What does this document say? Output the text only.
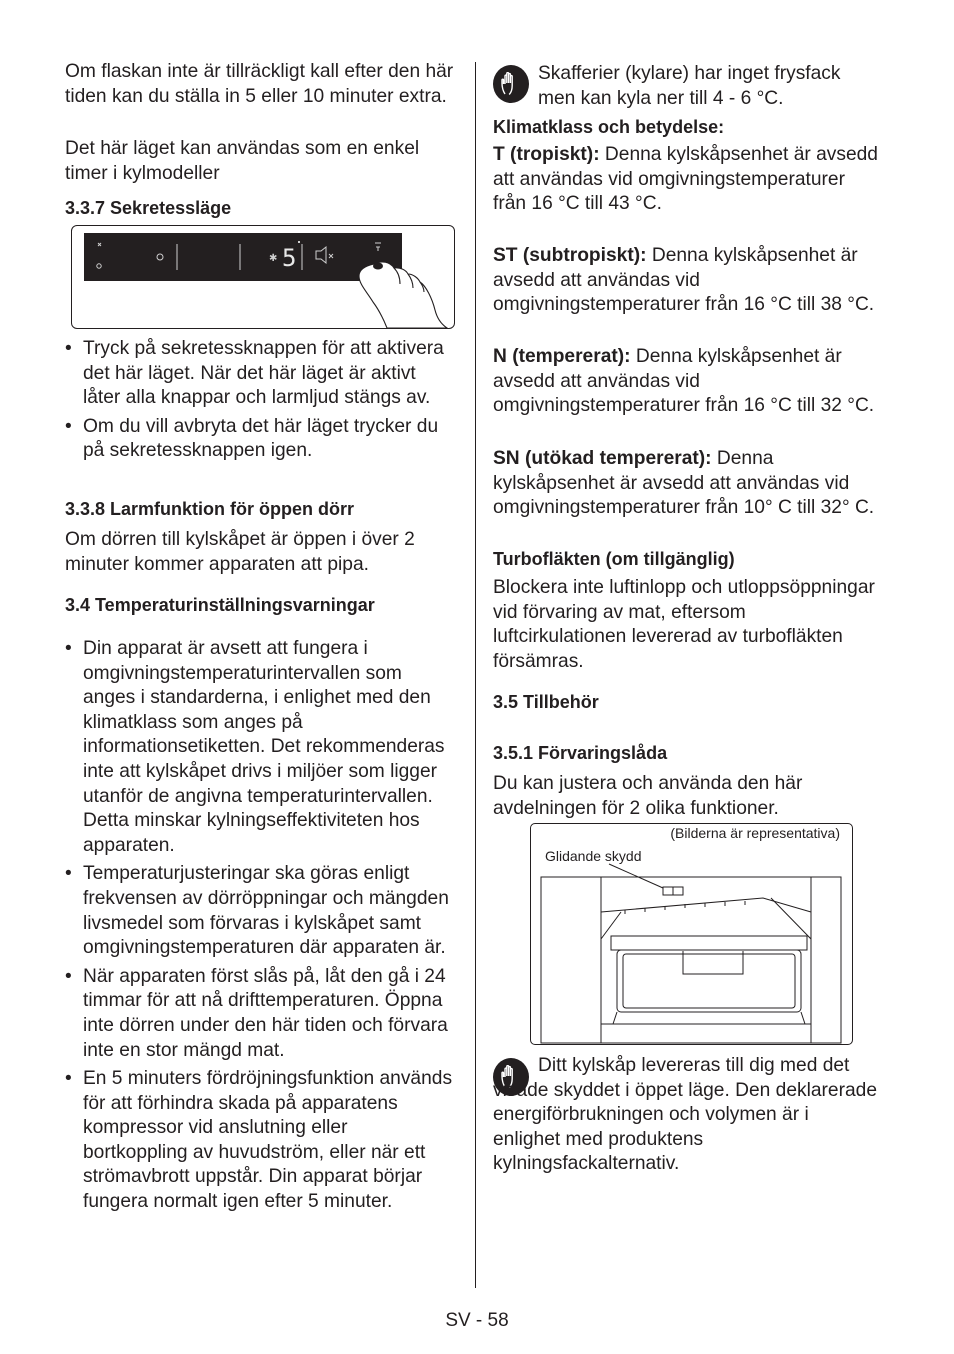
Om flaskan inte är tillräckligt kall efter den här tiden kan du ställa in 5 eller 10 minuter extra.

Det här läget kan användas som en enkel timer i kylmodeller

3.3.7 Sekretessläge
✱ 5
• Tryck på sekretessknappen för att aktivera det här läget. När det här läget är aktivt låter alla knappar och larmljud stängs av.
• Om du vill avbryta det här läget trycker du på sekretessknappen igen.
3.3.8 Larmfunktion för öppen dörr

Om dörren till kylskåpet är öppen i över 2 minuter kommer apparaten att pipa.

3.4 Temperaturinställningsvarningar
• Din apparat är avsett att fungera i omgivningstemperaturintervallen som anges i standarderna, i enlighet med den klimatklass som anges på informationsetiketten. Det rekommenderas inte att kylskåpet drivs i miljöer som ligger utanför de angivna temperaturintervallen. Detta minskar kylningseffektiviteten hos apparaten.
• Temperaturjusteringar ska göras enligt frekvensen av dörröppningar och mängden livsmedel som förvaras i kylskåpet samt omgivningstemperaturen där apparaten är.
• När apparaten först slås på, låt den gå i 24 timmar för att nå drifttemperaturen. Öppna inte dörren under den här tiden och förvara inte en stor mängd mat.
• En 5 minuters fördröjningsfunktion används för att förhindra skada på apparatens kompressor vid anslutning eller bortkoppling av huvudström, eller när ett strömavbrott uppstår. Din apparat börjar fungera normalt igen efter 5 minuter.

Skafferier (kylare) har inget frysfack men kan kyla ner till 4 - 6 °C.

Klimatklass och betydelse:

T (tropiskt): Denna kylskåpsenhet är avsedd att användas vid omgivningstemperaturer från 16 °C till 43 °C.

ST (subtropiskt): Denna kylskåpsenhet är avsedd att användas vid omgivningstemperaturer från 16 °C till 38 °C.

N (tempererat): Denna kylskåpsenhet är avsedd att användas vid omgivningstemperaturer från 16 °C till 32 °C.

SN (utökad tempererat): Denna kylskåpsenhet är avsedd att användas vid omgivningstemperaturer från 10° C till 32° C.

Turbofläkten (om tillgänglig)

Blockera inte luftinlopp och utloppsöppningar vid förvaring av mat, eftersom luftcirkulationen levererad av turbofläkten försämras.

3.5 Tillbehör
3.5.1 Förvaringslåda

Du kan justera och använda den här avdelningen för 2 olika funktioner.

(Bilderna är representativa)
Glidande skydd

Ditt kylskåp levereras till dig med det visade skyddet i öppet läge. Den deklarerade energiförbrukningen och volymen är i enlighet med produktens kylningsfackalternativ.

SV - 58
